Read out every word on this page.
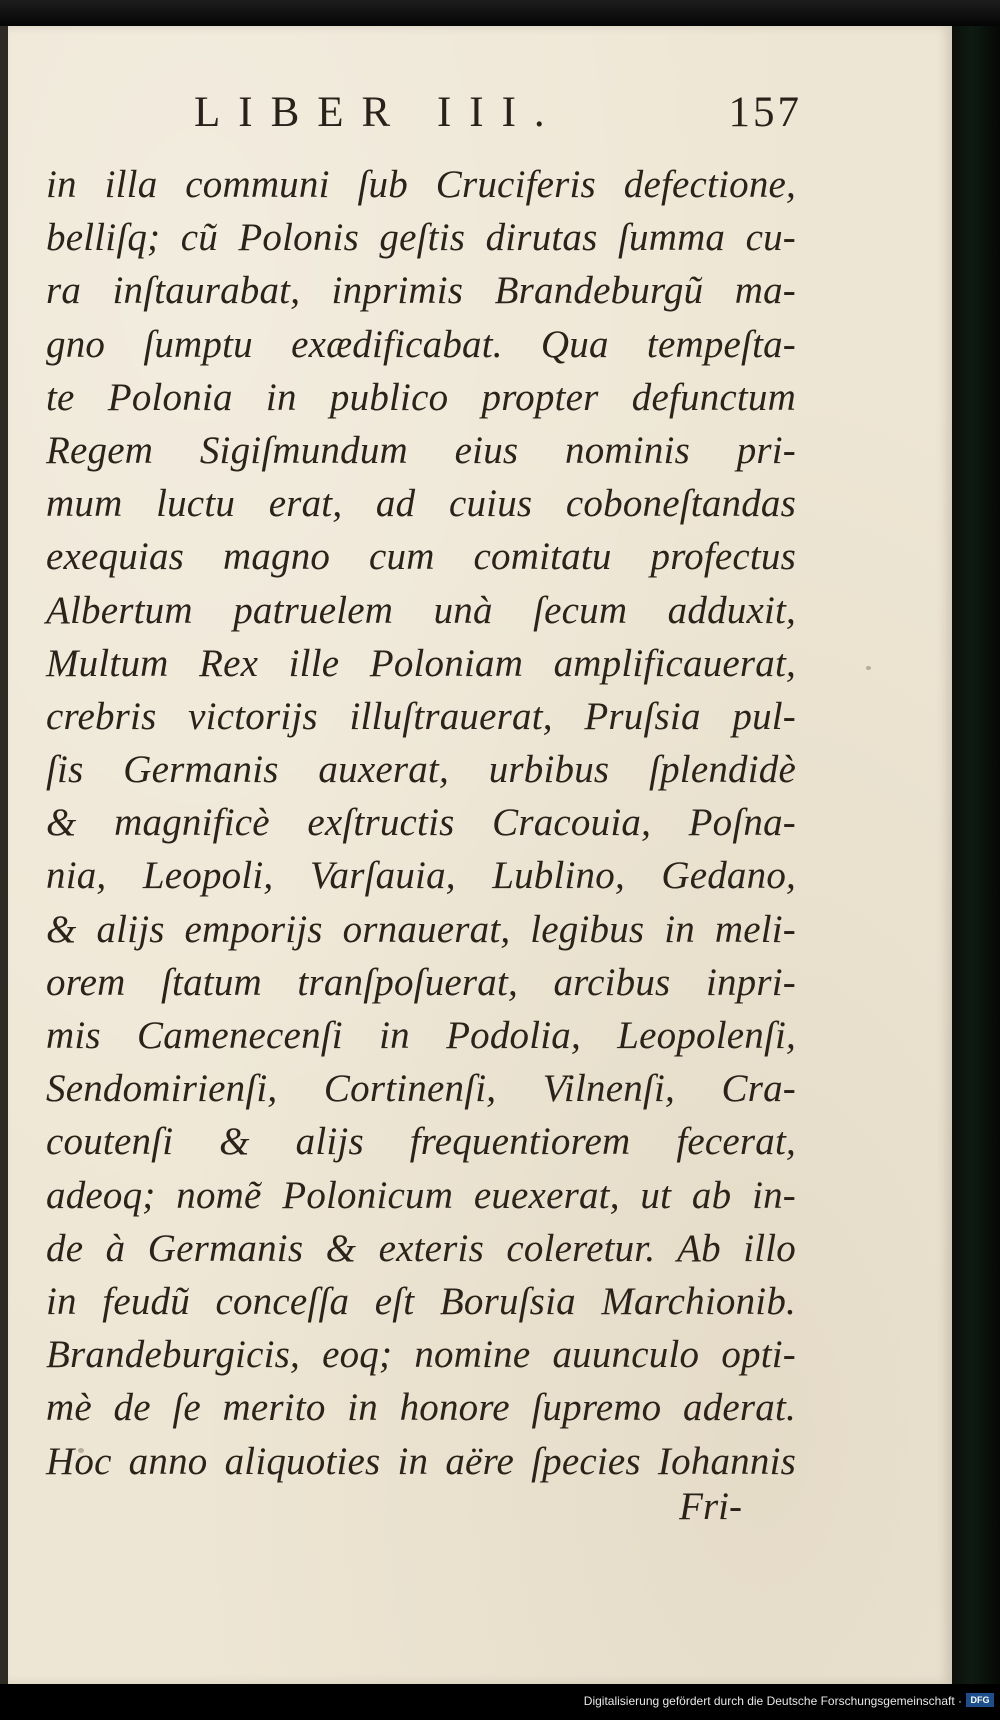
LIBER III.	157
in illa communi ſub Cruciferis defectione,
belliſq; cũ Polonis geſtis dirutas ſumma cu-
ra inſtaurabat, inprimis Brandeburgũ ma-
gno ſumptu exædificabat. Qua tempeſta-
te Polonia in publico propter defunctum
Regem Sigiſmundum eius nominis pri-
mum luctu erat, ad cuius coboneſtandas
exequias magno cum comitatu profectus
Albertum patruelem unà ſecum adduxit,
Multum Rex ille Poloniam amplificauerat,
crebris victorijs illuſtrauerat, Pruſsia pul-
ſis Germanis auxerat, urbibus ſplendidè
& magnificè exſtructis Cracouia, Poſna-
nia, Leopoli, Varſauia, Lublino, Gedano,
& alijs emporijs ornauerat, legibus in meli-
orem ſtatum tranſpoſuerat, arcibus inpri-
mis Camenecenſi in Podolia, Leopolenſi,
Sendomirienſi, Cortinenſi, Vilnenſi, Cra-
coutenſi & alijs frequentiorem fecerat,
adeoq; nomẽ Polonicum euexerat, ut ab in-
de à Germanis & exteris coleretur. Ab illo
in feudũ conceſſa eſt Boruſsia Marchionib.
Brandeburgicis, eoq; nomine auunculo opti-
mè de ſe merito in honore ſupremo aderat.
Hoc anno aliquoties in aëre ſpecies Iohannis
Fri-
Digitalisierung gefördert durch die Deutsche Forschungsgemeinschaft · DFG
